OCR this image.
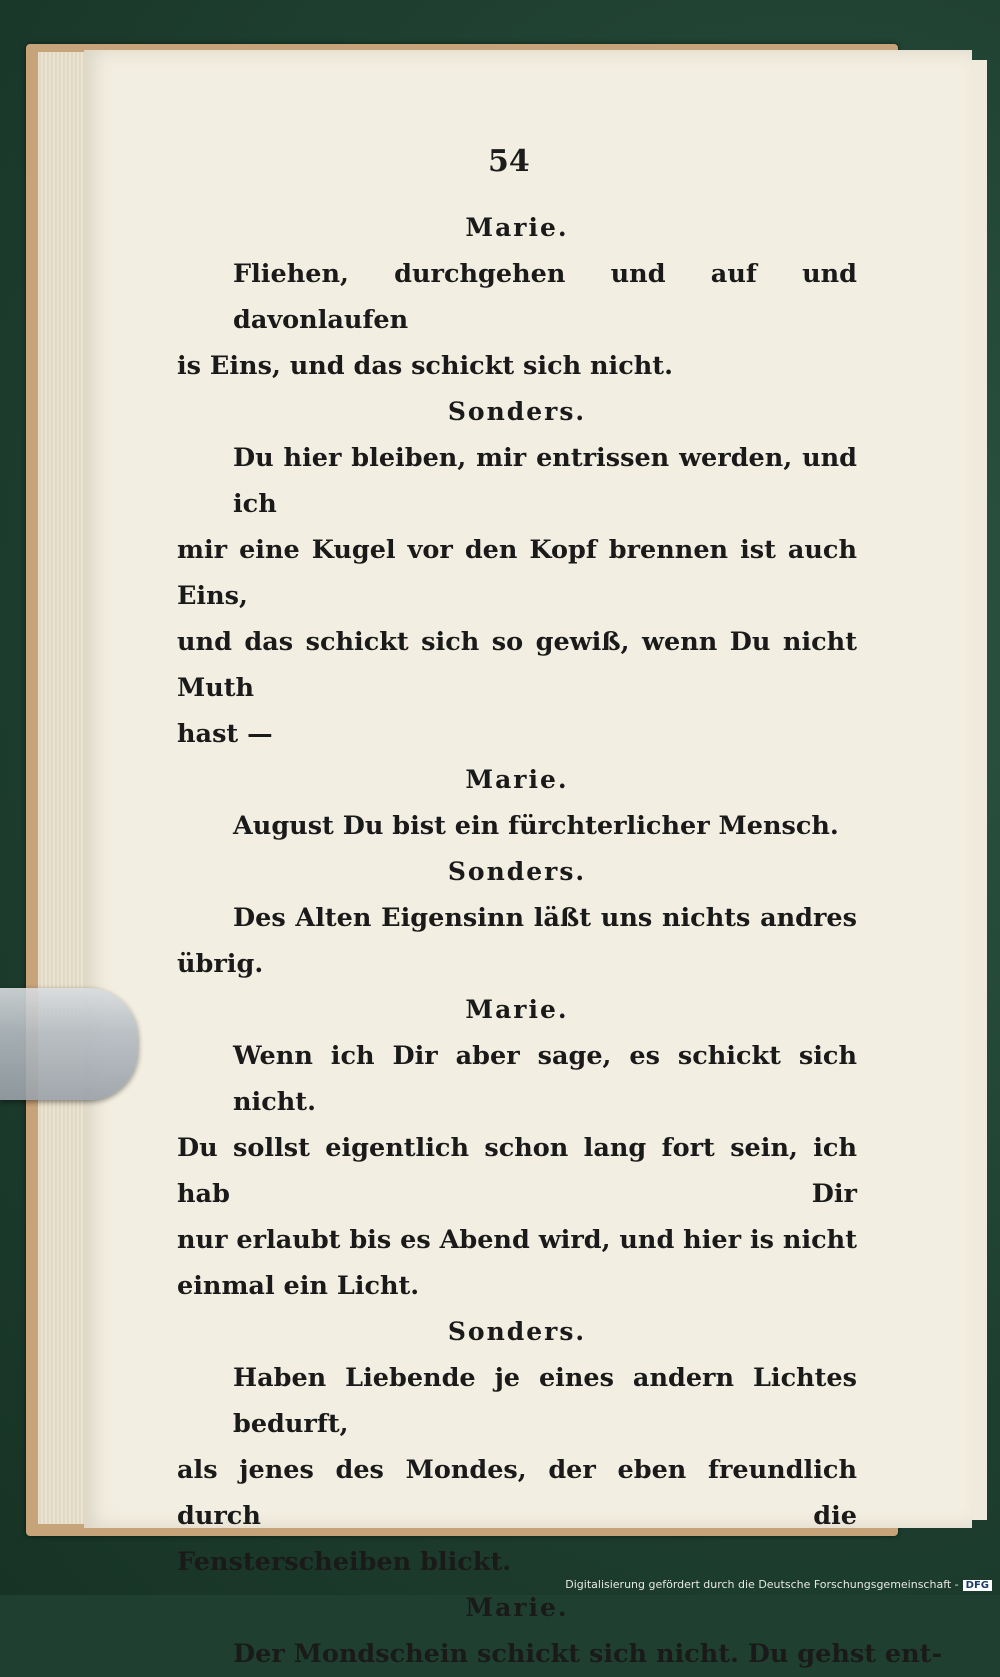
54
Marie.
Fliehen, durchgehen und auf und davonlaufen
is Eins, und das schickt sich nicht.
Sonders.
Du hier bleiben, mir entrissen werden, und ich
mir eine Kugel vor den Kopf brennen ist auch Eins,
und das schickt sich so gewiß, wenn Du nicht Muth
hast —
Marie.
August Du bist ein fürchterlicher Mensch.
Sonders.
Des Alten Eigensinn läßt uns nichts andres
übrig.
Marie.
Wenn ich Dir aber sage, es schickt sich nicht.
Du sollst eigentlich schon lang fort sein, ich hab Dir
nur erlaubt bis es Abend wird, und hier is nicht
einmal ein Licht.
Sonders.
Haben Liebende je eines andern Lichtes bedurft,
als jenes des Mondes, der eben freundlich durch die
Fensterscheiben blickt.
Marie.
Der Mondschein schickt sich nicht. Du gehst ent-
Digitalisierung gefördert durch die Deutsche Forschungsgemeinschaft - DFG
